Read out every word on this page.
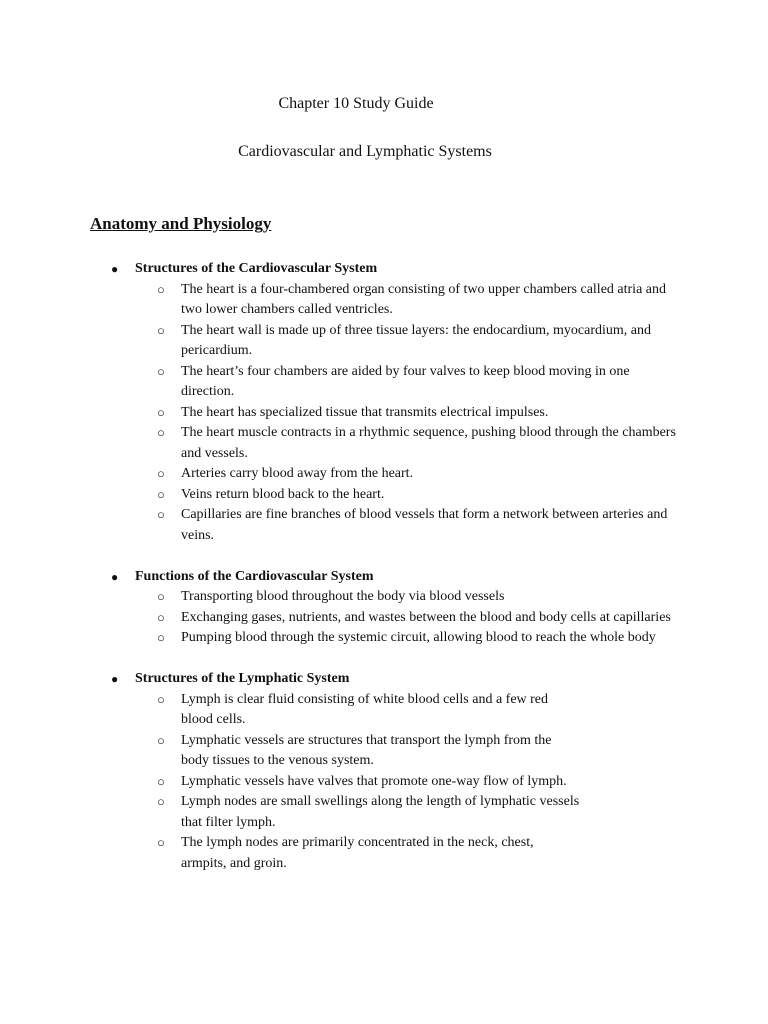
Chapter 10 Study Guide
Cardiovascular and Lymphatic Systems
Anatomy and Physiology
● Structures of the Cardiovascular System
○ The heart is a four-chambered organ consisting of two upper chambers called atria and two lower chambers called ventricles.
○ The heart wall is made up of three tissue layers: the endocardium, myocardium, and pericardium.
○ The heart’s four chambers are aided by four valves to keep blood moving in one direction.
○ The heart has specialized tissue that transmits electrical impulses.
○ The heart muscle contracts in a rhythmic sequence, pushing blood through the chambers and vessels.
○ Arteries carry blood away from the heart.
○ Veins return blood back to the heart.
○ Capillaries are fine branches of blood vessels that form a network between arteries and veins.
● Functions of the Cardiovascular System
○ Transporting blood throughout the body via blood vessels
○ Exchanging gases, nutrients, and wastes between the blood and body cells at capillaries
○ Pumping blood through the systemic circuit, allowing blood to reach the whole body
● Structures of the Lymphatic System
○ Lymph is clear fluid consisting of white blood cells and a few red blood cells.
○ Lymphatic vessels are structures that transport the lymph from the body tissues to the venous system.
○ Lymphatic vessels have valves that promote one-way flow of lymph.
○ Lymph nodes are small swellings along the length of lymphatic vessels that filter lymph.
○ The lymph nodes are primarily concentrated in the neck, chest, armpits, and groin.
